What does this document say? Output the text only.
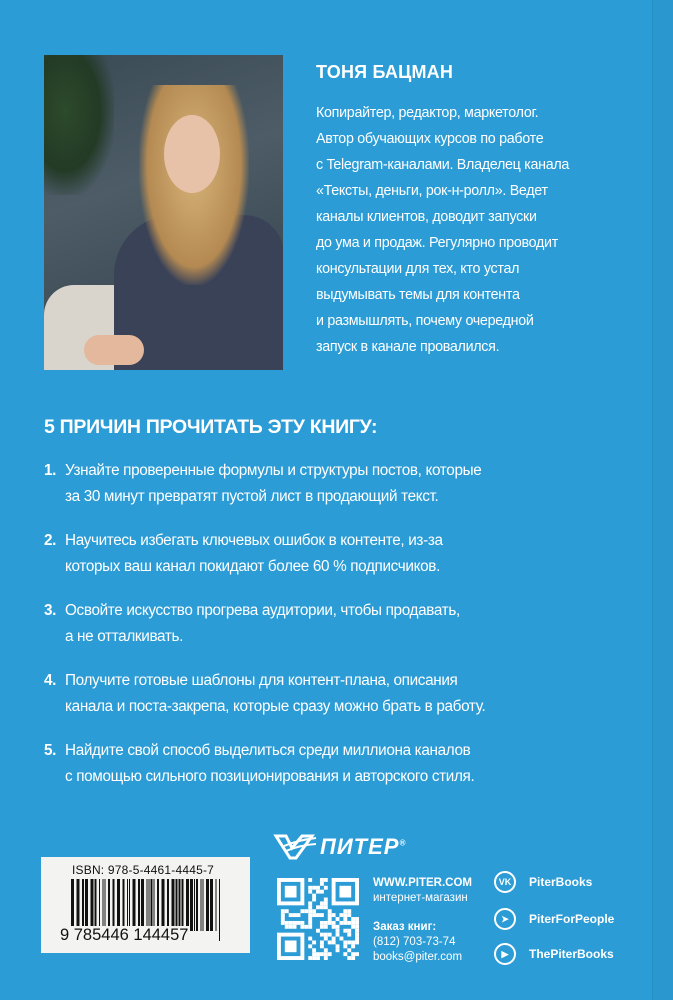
ТОНЯ БАЦМАН
Копирайтер, редактор, маркетолог.
Автор обучающих курсов по работе
с Telegram-каналами. Владелец канала
«Тексты, деньги, рок-н-ролл». Ведет
каналы клиентов, доводит запуски
до ума и продаж. Регулярно проводит
консультации для тех, кто устал
выдумывать темы для контента
и размышлять, почему очередной
запуск в канале провалился.
5 ПРИЧИН ПРОЧИТАТЬ ЭТУ КНИГУ:
1. Узнайте проверенные формулы и структуры постов, которые
за 30 минут превратят пустой лист в продающий текст.
2. Научитесь избегать ключевых ошибок в контенте, из-за
которых ваш канал покидают более 60 % подписчиков.
3. Освойте искусство прогрева аудитории, чтобы продавать,
а не отталкивать.
4. Получите готовые шаблоны для контент-плана, описания
канала и поста-закрепа, которые сразу можно брать в работу.
5. Найдите свой способ выделиться среди миллиона каналов
с помощью сильного позиционирования и авторского стиля.
ISBN: 978-5-4461-4445-7
9 785446 144457
ПИТЕР®
WWW.PITER.COM
интернет-магазин
Заказ книг:
(812) 703-73-74
books@piter.com
VK	PiterBooks
➤	PiterForPeople
▶	ThePiterBooks
